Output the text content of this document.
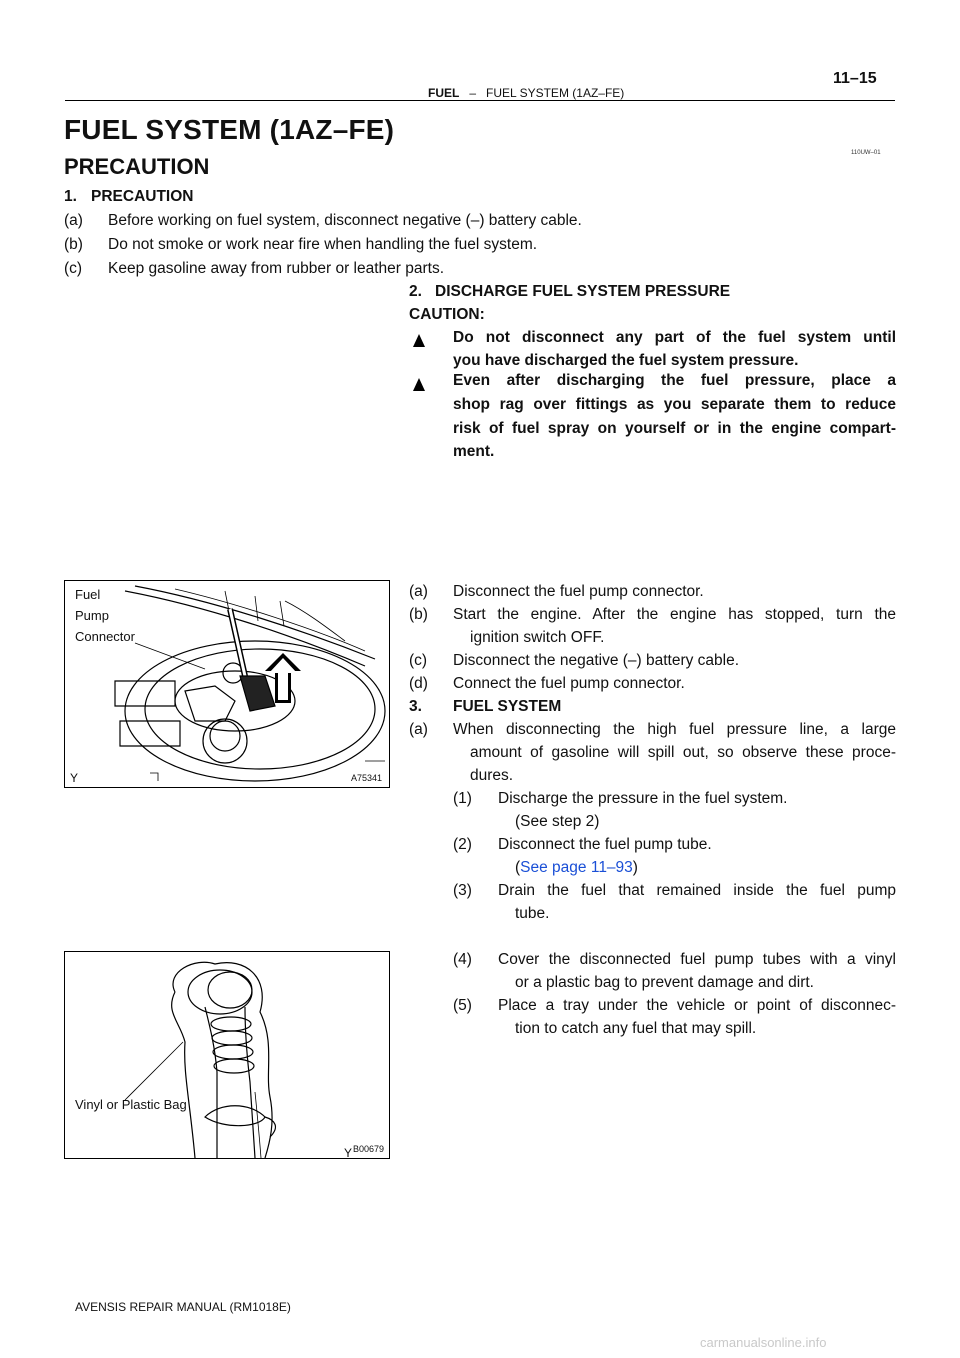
11–15
FUEL – FUEL SYSTEM (1AZ–FE)
FUEL SYSTEM (1AZ–FE)
110UW–01
PRECAUTION
1. PRECAUTION
(a) Before working on fuel system, disconnect negative (–) battery cable.
(b) Do not smoke or work near fire when handling the fuel system.
(c) Keep gasoline away from rubber or leather parts.
2. DISCHARGE FUEL SYSTEM PRESSURE
CAUTION:
Do not disconnect any part of the fuel system until
you have discharged the fuel system pressure.
Even after discharging the fuel pressure, place a
shop rag over fittings as you separate them to reduce
risk of fuel spray on yourself or in the engine compart-
ment.
(a) Disconnect the fuel pump connector.
(b) Start the engine. After the engine has stopped, turn the
ignition switch OFF.
(c) Disconnect the negative (–) battery cable.
(d) Connect the fuel pump connector.
3. FUEL SYSTEM
(a) When disconnecting the high fuel pressure line, a large
amount of gasoline will spill out, so observe these proce-
dures.
(1) Discharge the pressure in the fuel system.
(See step 2)
(2) Disconnect the fuel pump tube.
(See page 11–93)
(3) Drain the fuel that remained inside the fuel pump
tube.
(4) Cover the disconnected fuel pump tubes with a vinyl
or a plastic bag to prevent damage and dirt.
(5) Place a tray under the vehicle or point of disconnec-
tion to catch any fuel that may spill.
Fuel
Pump
Connector
Y	A75341
Vinyl or Plastic Bag
Y B00679
AVENSIS REPAIR MANUAL (RM1018E)
carmanualsonline.info
